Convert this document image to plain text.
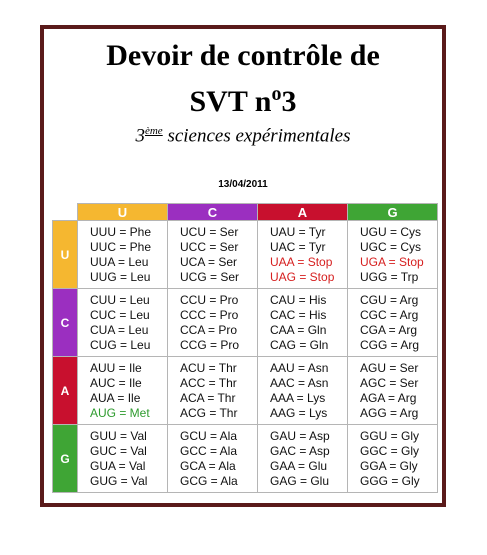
Devoir de contrôle de
SVT $n^o3$
3ème sciences expérimentales
13/04/2011
	U	C	A	G
U	UUU = Phe
UUC = Phe
UUA = Leu
UUG = Leu	UCU = Ser
UCC = Ser
UCA = Ser
UCG = Ser	UAU = Tyr
UAC = Tyr
UAA = Stop
UAG = Stop	UGU = Cys
UGC = Cys
UGA = Stop
UGG = Trp

C	CUU = Leu
CUC = Leu
CUA = Leu
CUG = Leu	CCU = Pro
CCC = Pro
CCA = Pro
CCG = Pro	CAU = His
CAC = His
CAA = Gln
CAG = Gln	CGU = Arg
CGC = Arg
CGA = Arg
CGG = Arg

A	AUU = Ile
AUC = Ile
AUA = Ile
AUG = Met	ACU = Thr
ACC = Thr
ACA = Thr
ACG = Thr	AAU = Asn
AAC = Asn
AAA = Lys
AAG = Lys	AGU = Ser
AGC = Ser
AGA = Arg
AGG = Arg

G	GUU = Val
GUC = Val
GUA = Val
GUG = Val	GCU = Ala
GCC = Ala
GCA = Ala
GCG = Ala	GAU = Asp
GAC = Asp
GAA = Glu
GAG = Glu	GGU = Gly
GGC = Gly
GGA = Gly
GGG = Gly
